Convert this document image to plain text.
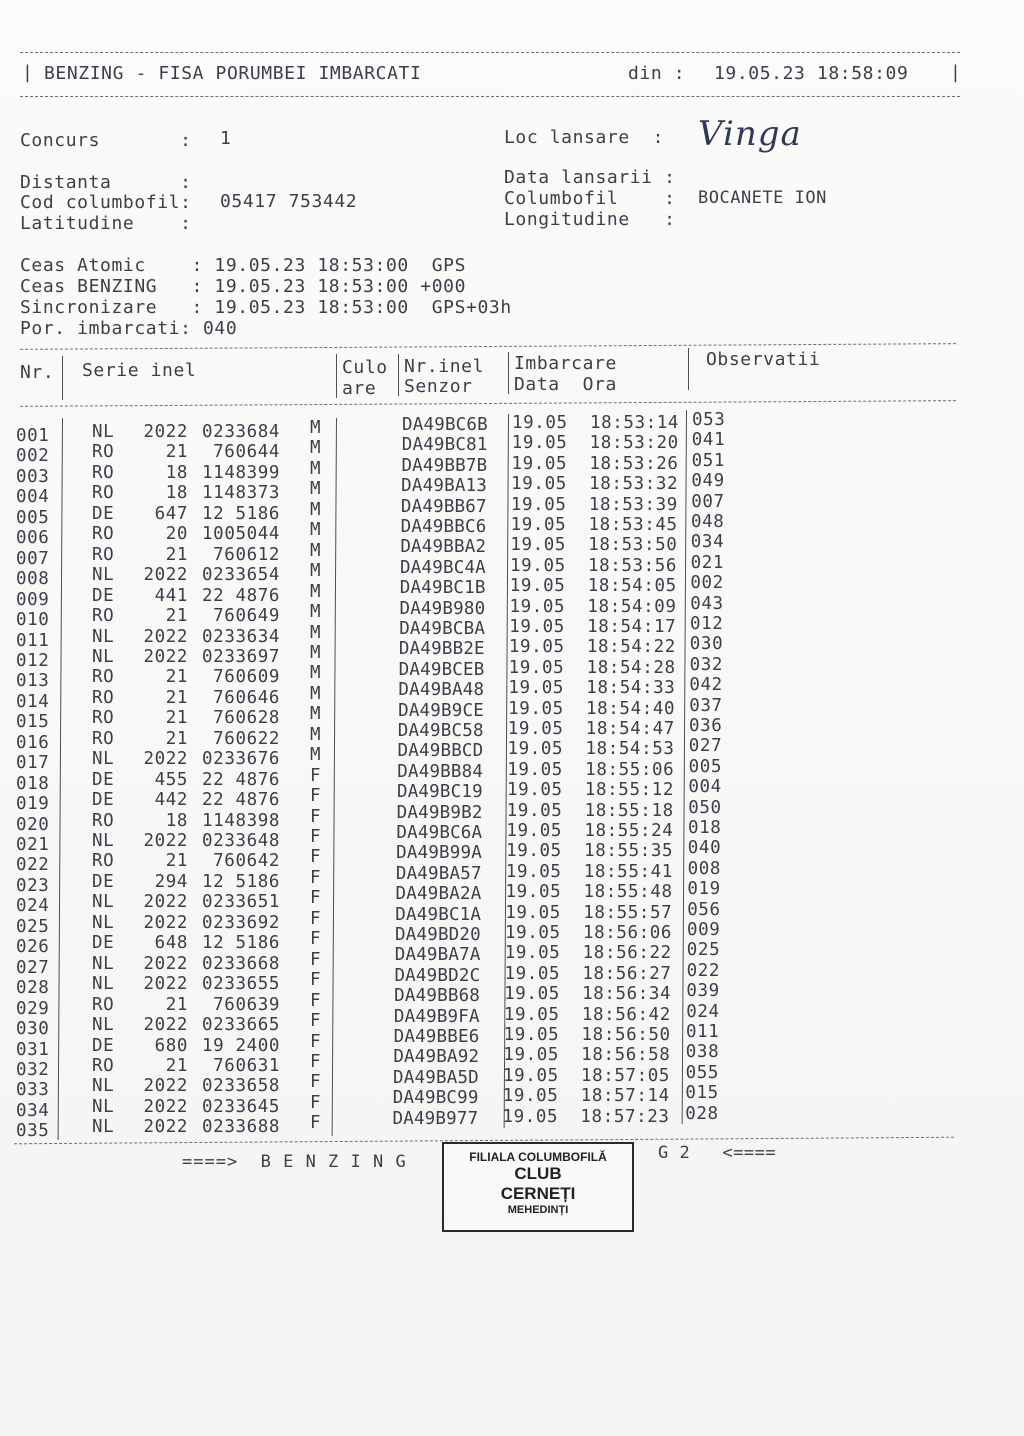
|	|
BENZING - FISA PORUMBEI IMBARCATI	din : 19.05.23 18:58:09
Concurs       : 1	Loc lansare  : Vinga
Distanta      :
Cod columbofil: 05417 753442
Latitudine    :
Data lansarii :
Columbofil    : BOCANETE ION
Longitudine   :
Ceas Atomic    : 19.05.23 18:53:00  GPS
Ceas BENZING   : 19.05.23 18:53:00 +000
Sincronizare   : 19.05.23 18:53:00  GPS+03h
Por. imbarcati: 040
Nr. Serie inel	Culo
are
Nr.inel
Senzor
Imbarcare
Data  Ora
Observatii
001 NL	2022 0233684 M	DA49BC6B 19.05  18:53:14 053
002 RO	21	760644 M	DA49BC81 19.05  18:53:20 041
003 RO	18 1148399 M	DA49BB7B 19.05  18:53:26 051
004 RO	18 1148373 M	DA49BA13 19.05  18:53:32 049
005 DE	647 12 5186 M	DA49BB67 19.05  18:53:39 007
006 RO	20 1005044 M	DA49BBC6 19.05  18:53:45 048
007 RO	21	760612 M	DA49BBA2 19.05  18:53:50 034
008 NL	2022 0233654 M	DA49BC4A 19.05  18:53:56 021
009 DE	441 22 4876 M	DA49BC1B 19.05  18:54:05 002
010 RO	21	760649 M	DA49B980 19.05  18:54:09 043
011 NL	2022 0233634 M	DA49BCBA 19.05  18:54:17 012
012 NL	2022 0233697 M	DA49BB2E 19.05  18:54:22 030
013 RO	21	760609 M	DA49BCEB 19.05  18:54:28 032
014 RO	21	760646 M	DA49BA48 19.05  18:54:33 042
015 RO	21	760628 M	DA49B9CE 19.05  18:54:40 037
016 RO	21	760622 M	DA49BC58 19.05  18:54:47 036
017 NL	2022 0233676 M	DA49BBCD 19.05  18:54:53 027
018 DE	455 22 4876 F	DA49BB84 19.05  18:55:06 005
019 DE	442 22 4876 F	DA49BC19 19.05  18:55:12 004
020 RO	18 1148398 F	DA49B9B2 19.05  18:55:18 050
021 NL	2022 0233648 F	DA49BC6A 19.05  18:55:24 018
022 RO	21	760642 F	DA49B99A 19.05  18:55:35 040
023 DE	294 12 5186 F	DA49BA57 19.05  18:55:41 008
024 NL	2022 0233651 F	DA49BA2A 19.05  18:55:48 019
025 NL	2022 0233692 F	DA49BC1A 19.05  18:55:57 056
026 DE	648 12 5186 F	DA49BD20 19.05  18:56:06 009
027 NL	2022 0233668 F	DA49BA7A 19.05  18:56:22 025
028 NL	2022 0233655 F	DA49BD2C 19.05  18:56:27 022
029 RO	21	760639 F	DA49BB68 19.05  18:56:34 039
030 NL	2022 0233665 F	DA49B9FA 19.05  18:56:42 024
031 DE	680 19 2400 F	DA49BBE6 19.05  18:56:50 011
032 RO	21	760631 F	DA49BA92 19.05  18:56:58 038
033 NL	2022 0233658 F	DA49BA5D 19.05  18:57:05 055
034 NL	2022 0233645 F	DA49BC99 19.05  18:57:14 015
035 NL	2022 0233688 F	DA49B977 19.05  18:57:23 028
====>  B E N Z I N G	G 2   <====
FILIALA COLUMBOFILĂ
CLUB
CERNEȚI
MEHEDINȚI
